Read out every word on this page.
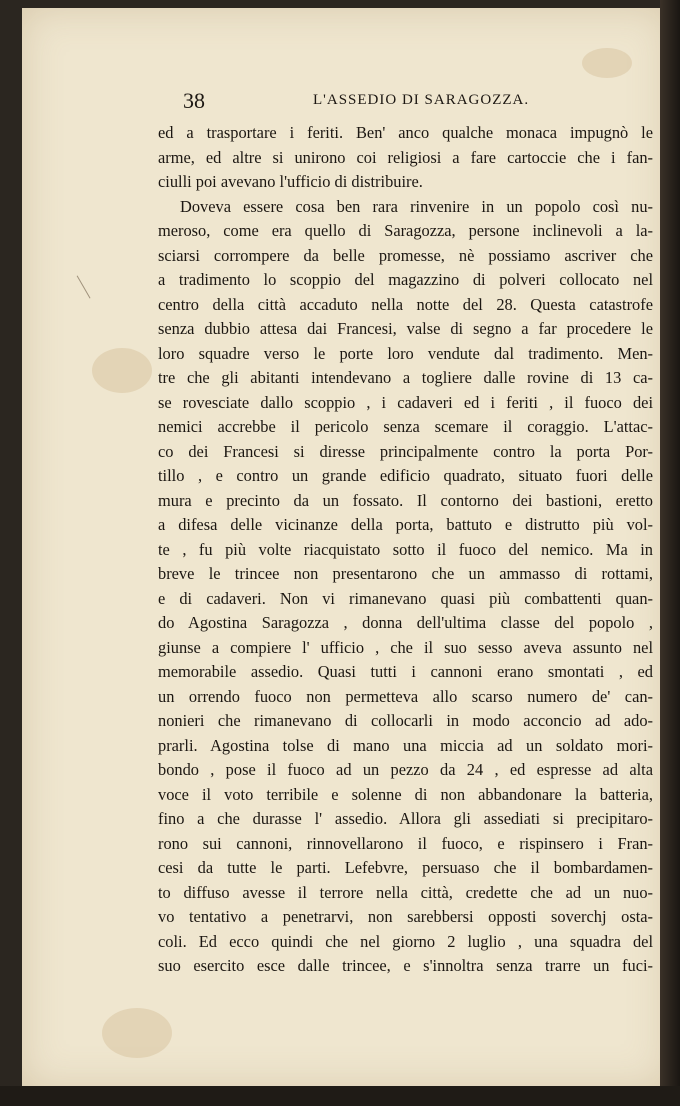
38	L'ASSEDIO DI SARAGOZZA.
ed a trasportare i feriti. Ben' anco qualche monaca impugnò le
arme, ed altre si unirono coi religiosi a fare cartoccie che i fan-
ciulli poi avevano l'ufficio di distribuire.
Doveva essere cosa ben rara rinvenire in un popolo così nu-
meroso, come era quello di Saragozza, persone inclinevoli a la-
sciarsi corrompere da belle promesse, nè possiamo ascriver che
a tradimento lo scoppio del magazzino di polveri collocato nel
centro della città accaduto nella notte del 28. Questa catastrofe
senza dubbio attesa dai Francesi, valse di segno a far procedere le
loro squadre verso le porte loro vendute dal tradimento. Men-
tre che gli abitanti intendevano a togliere dalle rovine di 13 ca-
se rovesciate dallo scoppio , i cadaveri ed i feriti , il fuoco dei
nemici accrebbe il pericolo senza scemare il coraggio. L'attac-
co dei Francesi si diresse principalmente contro la porta Por-
tillo , e contro un grande edificio quadrato, situato fuori delle
mura e precinto da un fossato. Il contorno dei bastioni, eretto
a difesa delle vicinanze della porta, battuto e distrutto più vol-
te , fu più volte riacquistato sotto il fuoco del nemico. Ma in
breve le trincee non presentarono che un ammasso di rottami,
e di cadaveri. Non vi rimanevano quasi più combattenti quan-
do Agostina Saragozza , donna dell'ultima classe del popolo ,
giunse a compiere l' ufficio , che il suo sesso aveva assunto nel
memorabile assedio. Quasi tutti i cannoni erano smontati , ed
un orrendo fuoco non permetteva allo scarso numero de' can-
nonieri che rimanevano di collocarli in modo acconcio ad ado-
prarli. Agostina tolse di mano una miccia ad un soldato mori-
bondo , pose il fuoco ad un pezzo da 24 , ed espresse ad alta
voce il voto terribile e solenne di non abbandonare la batteria,
fino a che durasse l' assedio. Allora gli assediati si precipitaro-
rono sui cannoni, rinnovellarono il fuoco, e rispinsero i Fran-
cesi da tutte le parti. Lefebvre, persuaso che il bombardamen-
to diffuso avesse il terrore nella città, credette che ad un nuo-
vo tentativo a penetrarvi, non sarebbersi opposti soverchj osta-
coli. Ed ecco quindi che nel giorno 2 luglio , una squadra del
suo esercito esce dalle trincee, e s'innoltra senza trarre un fuci-
